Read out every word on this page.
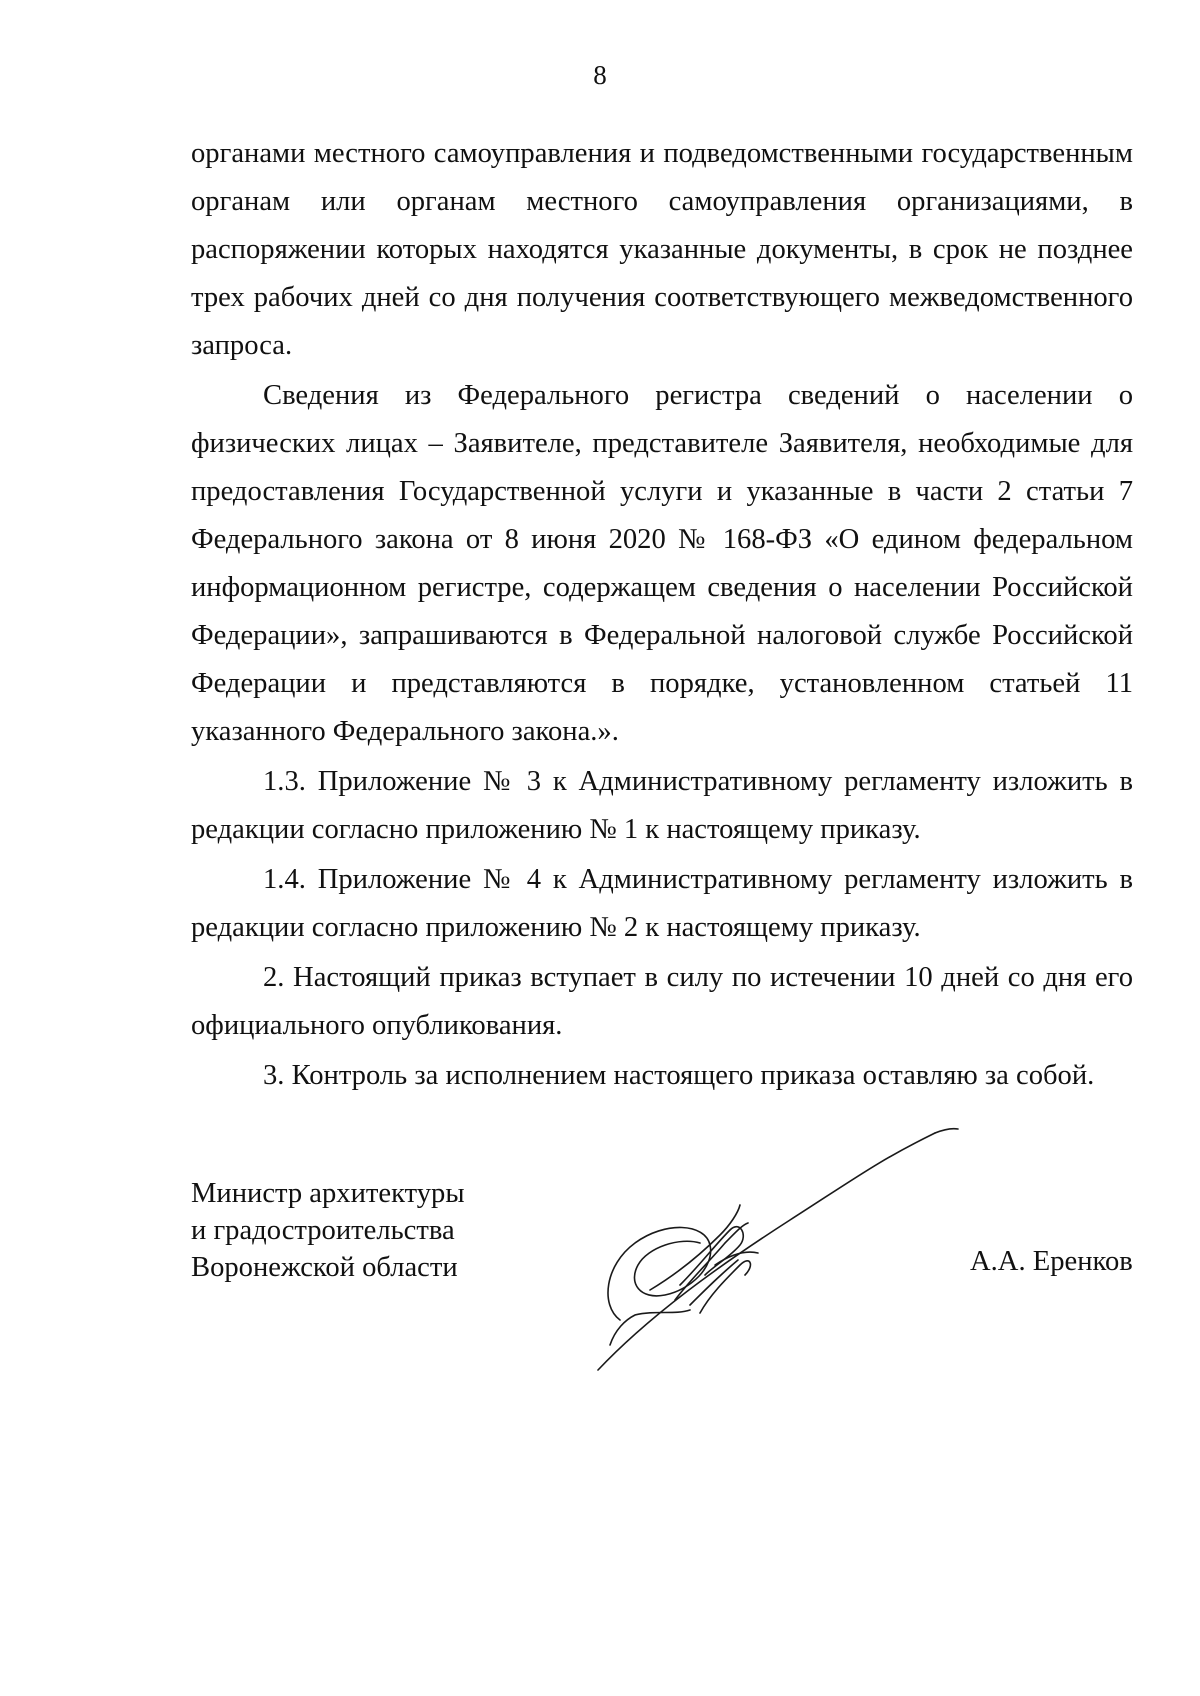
8

органами местного самоуправления и подведомственными государственным органам или органам местного самоуправления организациями, в распоряжении которых находятся указанные документы, в срок не позднее трех рабочих дней со дня получения соответствующего межведомственного запроса.

Сведения из Федерального регистра сведений о населении о физических лицах – Заявителе, представителе Заявителя, необходимые для предоставления Государственной услуги и указанные в части 2 статьи 7 Федерального закона от 8 июня 2020 № 168-ФЗ «О едином федеральном информационном регистре, содержащем сведения о населении Российской Федерации», запрашиваются в Федеральной налоговой службе Российской Федерации и представляются в порядке, установленном статьей 11 указанного Федерального закона.».

1.3. Приложение № 3 к Административному регламенту изложить в редакции согласно приложению № 1 к настоящему приказу.

1.4. Приложение № 4 к Административному регламенту изложить в редакции согласно приложению № 2 к настоящему приказу.

2. Настоящий приказ вступает в силу по истечении 10 дней со дня его официального опубликования.

3. Контроль за исполнением настоящего приказа оставляю за собой.

Министр архитектуры
и градостроительства
Воронежской области	А.А. Еренков
